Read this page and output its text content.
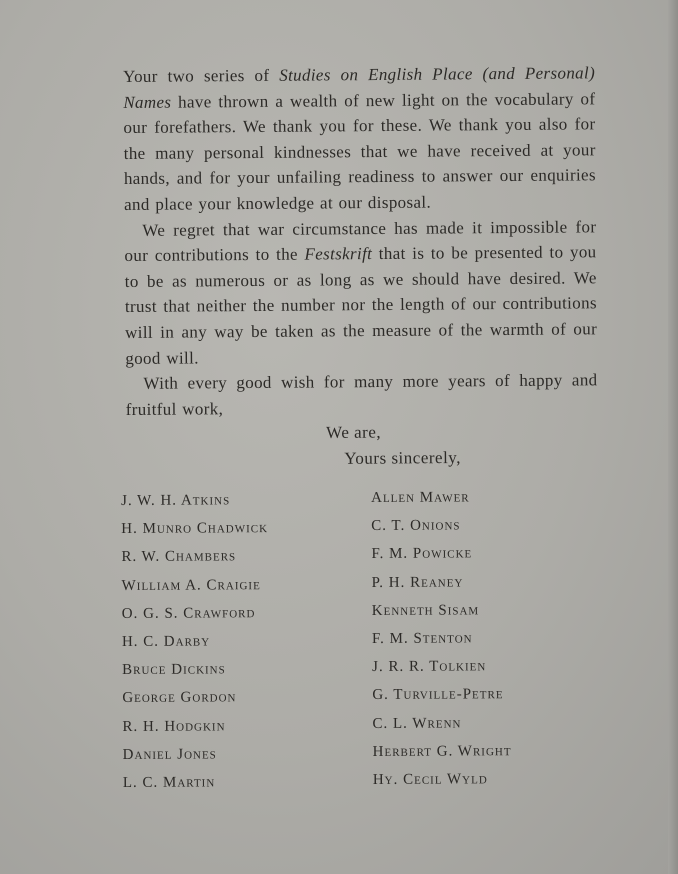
Your two series of Studies on English Place (and Personal) Names have thrown a wealth of new light on the vocabulary of our forefathers. We thank you for these. We thank you also for the many personal kindnesses that we have received at your hands, and for your unfailing readiness to answer our enquiries and place your knowledge at our disposal.

We regret that war circumstance has made it impossible for our contributions to the Festskrift that is to be presented to you to be as numerous or as long as we should have desired. We trust that neither the number nor the length of our contributions will in any way be taken as the measure of the warmth of our good will.

With every good wish for many more years of happy and fruitful work,

We are,
Yours sincerely,
J. W. H. Atkins
H. Munro Chadwick
R. W. Chambers
William A. Craigie
O. G. S. Crawford
H. C. Darby
Bruce Dickins
George Gordon
R. H. Hodgkin
Daniel Jones
L. C. Martin
Allen Mawer
C. T. Onions
F. M. Powicke
P. H. Reaney
Kenneth Sisam
F. M. Stenton
J. R. R. Tolkien
G. Turville-Petre
C. L. Wrenn
Herbert G. Wright
Hy. Cecil Wyld
